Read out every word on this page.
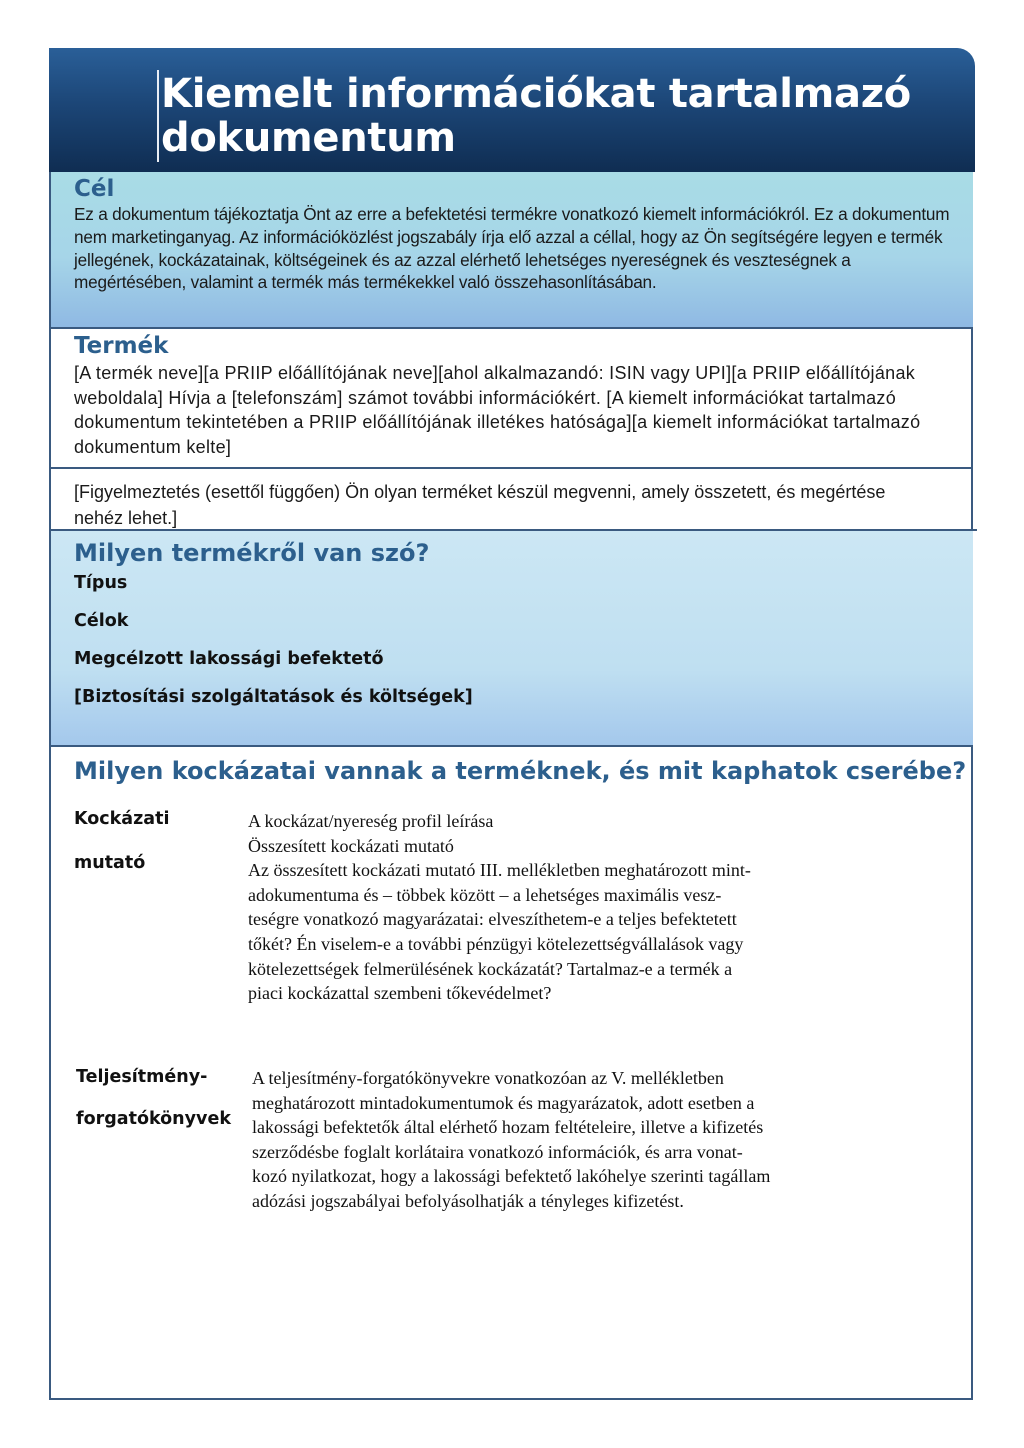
Kiemelt információkat tartalmazó dokumentum
Cél

Ez a dokumentum tájékoztatja Önt az erre a befektetési termékre vonatkozó kiemelt információkról. Ez a dokumentum nem marketinganyag. Az információközlést jogszabály írja elő azzal a céllal, hogy az Ön segítségére legyen e termék jellegének, kockázatainak, költségeinek és az azzal elérhető lehetséges nyereségnek és veszteségnek a megértésében, valamint a termék más termékekkel való összehasonlításában.

Termék

[A termék neve][a PRIIP előállítójának neve][ahol alkalmazandó: ISIN vagy UPI][a PRIIP előállítójának weboldala] Hívja a [telefonszám] számot további információkért. [A kiemelt információkat tartalmazó dokumentum tekintetében a PRIIP előállítójának illetékes hatósága][a kiemelt információkat tartalmazó dokumentum kelte]

[Figyelmeztetés (esettől függően) Ön olyan terméket készül megvenni, amely összetett, és megértése nehéz lehet.]

Milyen termékről van szó?

Típus

Célok

Megcélzott lakossági befektető

[Biztosítási szolgáltatások és költségek]

Milyen kockázatai vannak a terméknek, és mit kaphatok cserébe?

Kockázati

mutató

A kockázat/nyereség profil leírása
Összesített kockázati mutató
Az összesített kockázati mutató III. mellékletben meghatározott mint-
adokumentuma és – többek között – a lehetséges maximális vesz-
teségre vonatkozó magyarázatai: elveszíthetem-e a teljes befektetett
tőkét? Én viselem-e a további pénzügyi kötelezettségvállalások vagy
kötelezettségek felmerülésének kockázatát? Tartalmaz-e a termék a
piaci kockázattal szembeni tőkevédelmet?

Teljesítmény-

forgatókönyvek

A teljesítmény-forgatókönyvekre vonatkozóan az V. mellékletben
meghatározott mintadokumentumok és magyarázatok, adott esetben a
lakossági befektetők által elérhető hozam feltételeire, illetve a kifizetés
szerződésbe foglalt korlátaira vonatkozó információk, és arra vonat-
kozó nyilatkozat, hogy a lakossági befektető lakóhelye szerinti tagállam
adózási jogszabályai befolyásolhatják a tényleges kifizetést.
